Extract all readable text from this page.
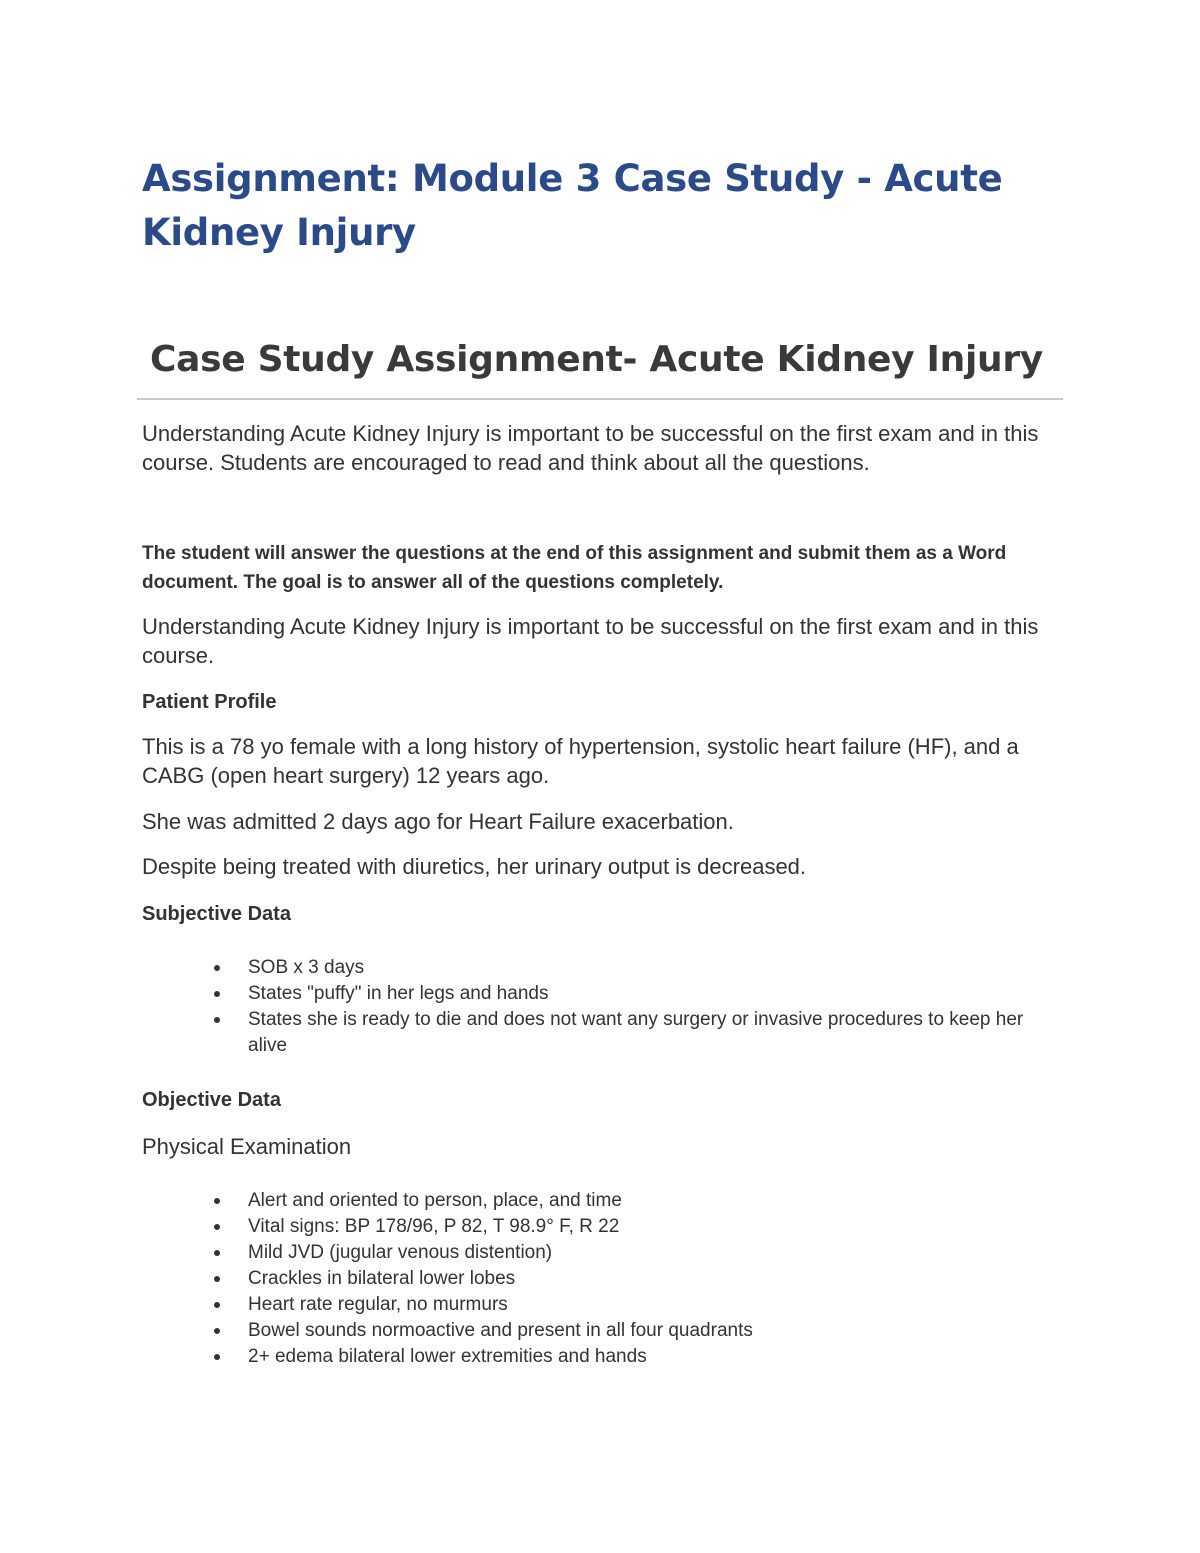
Assignment: Module 3 Case Study - Acute Kidney Injury
Case Study Assignment- Acute Kidney Injury

Understanding Acute Kidney Injury is important to be successful on the first exam and in this course. Students are encouraged to read and think about all the questions.

The student will answer the questions at the end of this assignment and submit them as a Word document. The goal is to answer all of the questions completely.

Understanding Acute Kidney Injury is important to be successful on the first exam and in this course.

Patient Profile

This is a 78 yo female with a long history of hypertension, systolic heart failure (HF), and a CABG (open heart surgery) 12 years ago.

She was admitted 2 days ago for Heart Failure exacerbation.

Despite being treated with diuretics, her urinary output is decreased.

Subjective Data
SOB x 3 days
States "puffy" in her legs and hands
States she is ready to die and does not want any surgery or invasive procedures to keep her alive
Objective Data

Physical Examination

Alert and oriented to person, place, and time
Vital signs: BP 178/96, P 82, T 98.9° F, R 22
Mild JVD (jugular venous distention)
Crackles in bilateral lower lobes
Heart rate regular, no murmurs
Bowel sounds normoactive and present in all four quadrants
2+ edema bilateral lower extremities and hands
